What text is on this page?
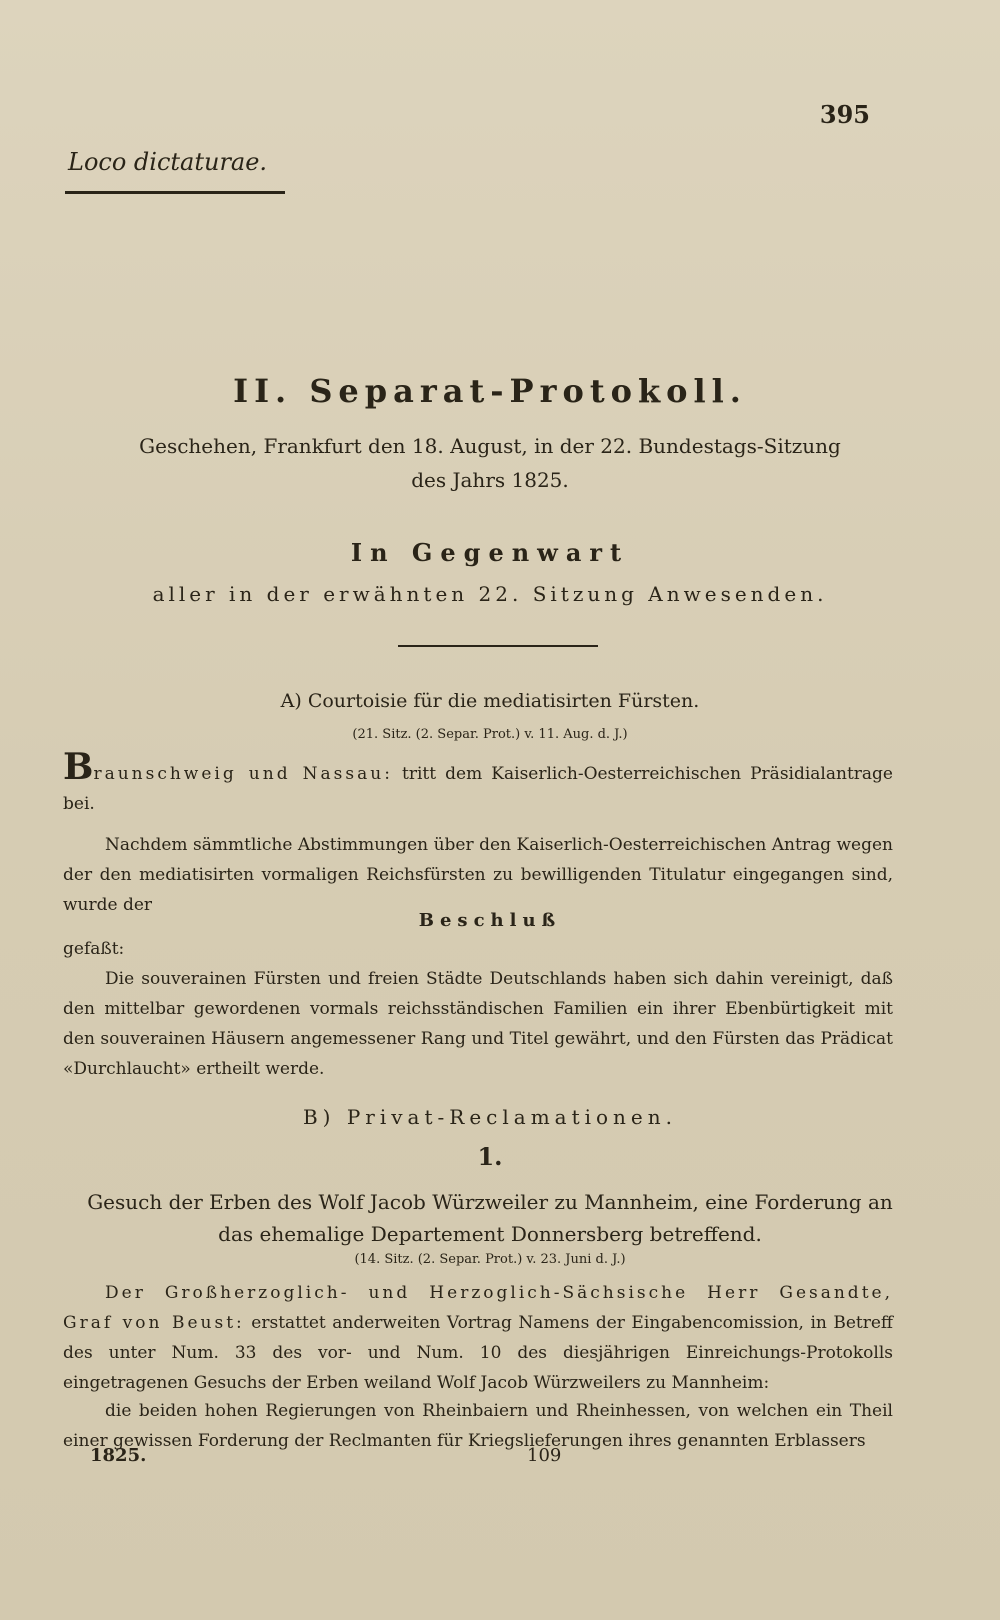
395
Loco dictaturae.
II. Separat-Protokoll.
Geschehen, Frankfurt den 18. August, in der 22. Bundestags-Sitzung
des Jahrs 1825.
In Gegenwart
aller in der erwähnten 22. Sitzung Anwesenden.
A) Courtoisie für die mediatisirten Fürsten.
(21. Sitz. (2. Separ. Prot.) v. 11. Aug. d. J.)

Braunschweig und Nassau: tritt dem Kaiserlich-Oesterreichischen Präsidialantrage bei.

Nachdem sämmtliche Abstimmungen über den Kaiserlich-Oesterreichischen Antrag wegen der den mediatisirten vormaligen Reichsfürsten zu bewilligenden Titulatur eingegangen sind, wurde der

Beschluß

gefaßt:

Die souverainen Fürsten und freien Städte Deutschlands haben sich dahin vereinigt, daß den mittelbar gewordenen vormals reichsständischen Familien ein ihrer Ebenbürtigkeit mit den souverainen Häusern angemessener Rang und Titel gewährt, und den Fürsten das Prädicat «Durchlaucht» ertheilt werde.

B) Privat-Reclamationen.
1.
Gesuch der Erben des Wolf Jacob Würzweiler zu Mannheim, eine Forderung an das ehemalige Departement Donnersberg betreffend.
(14. Sitz. (2. Separ. Prot.) v. 23. Juni d. J.)

Der Großherzoglich- und Herzoglich-Sächsische Herr Gesandte, Graf von Beust: erstattet anderweiten Vortrag Namens der Eingabencomission, in Betreff des unter Num. 33 des vor- und Num. 10 des diesjährigen Einreichungs-Protokolls eingetragenen Gesuchs der Erben weiland Wolf Jacob Würzweilers zu Mannheim:

die beiden hohen Regierungen von Rheinbaiern und Rheinhessen, von welchen ein Theil einer gewissen Forderung der Reclmanten für Kriegslieferungen ihres genannten Erblassers

1825.	109
